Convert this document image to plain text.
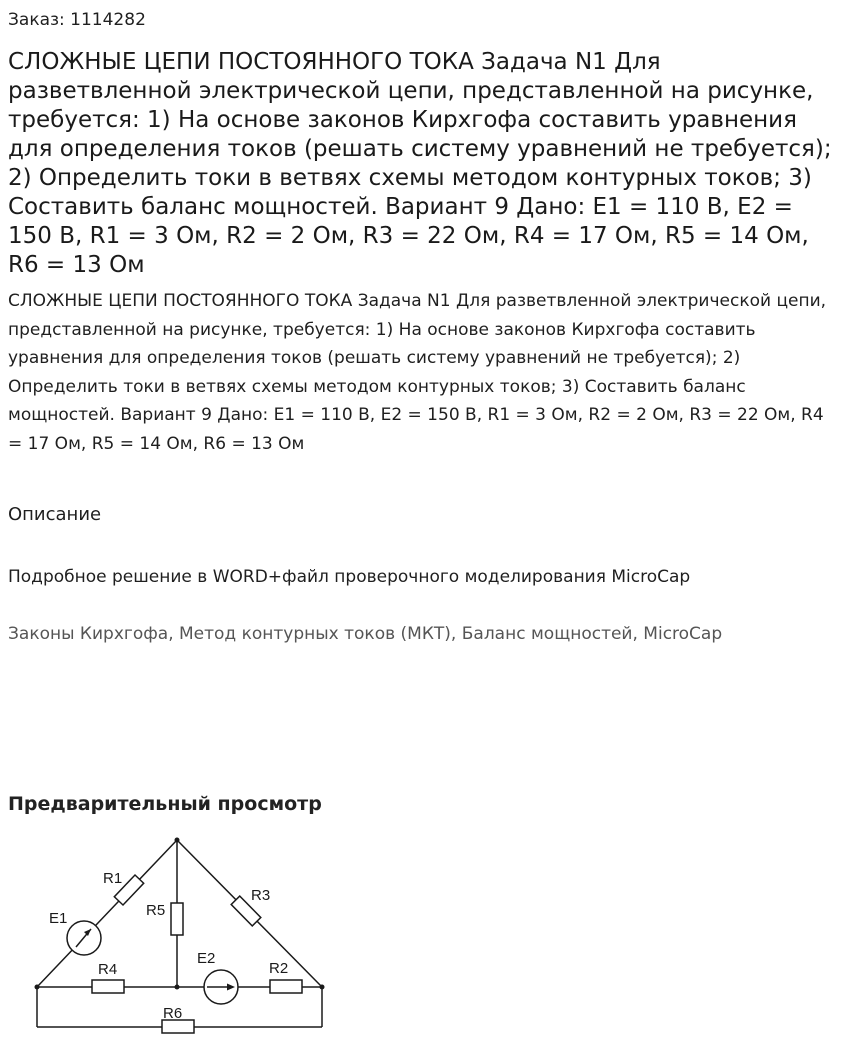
Заказ: 1114282

СЛОЖНЫЕ ЦЕПИ ПОСТОЯННОГО ТОКА Задача N1 Для разветвленной электрической цепи, представленной на рисунке, требуется: 1) На основе законов Кирхгофа составить уравнения для определения токов (решать систему уравнений не требуется); 2) Определить токи в ветвях схемы методом контурных токов; 3) Составить баланс мощностей. Вариант 9 Дано: E1 = 110 В, E2 = 150 В, R1 = 3 Ом, R2 = 2 Ом, R3 = 22 Ом, R4 = 17 Ом, R5 = 14 Ом, R6 = 13 Ом

СЛОЖНЫЕ ЦЕПИ ПОСТОЯННОГО ТОКА Задача N1 Для разветвленной электрической цепи, представленной на рисунке, требуется: 1) На основе законов Кирхгофа составить уравнения для определения токов (решать систему уравнений не требуется); 2) Определить токи в ветвях схемы методом контурных токов; 3) Составить баланс мощностей. Вариант 9 Дано: E1 = 110 В, E2 = 150 В, R1 = 3 Ом, R2 = 2 Ом, R3 = 22 Ом, R4 = 17 Ом, R5 = 14 Ом, R6 = 13 Ом

Описание

Подробное решение в WORD+файл проверочного моделирования MicroCap

Законы Кирхгофа, Метод контурных токов (МКТ), Баланс мощностей, MicroCap

Предварительный просмотр
R1
R3
R5
E1
E2
R4	R2
R6
